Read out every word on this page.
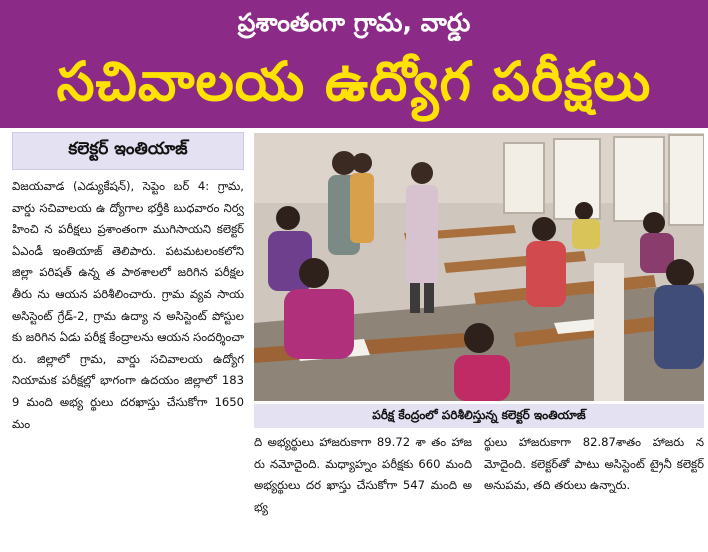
ప్రశాంతంగా గ్రామ, వార్డు
సచివాలయ ఉద్యోగ పరీక్షలు
కలెక్టర్ ఇంతియాజ్

విజయవాడ (ఎడ్యుకేషన్), సెప్టెం బర్ 4: గ్రామ, వార్డు సచివాలయ ఉ ద్యోగాల భర్తీకి బుధవారం నిర్వహించి న పరీక్షలు ప్రశాంతంగా ముగిసాయని కలెక్టర్ ఏఎండీ ఇంతియాజ్ తెలిపారు. పటమటలంకలోని జిల్లా పరిషత్ ఉన్న త పాఠశాలలో జరిగిన పరీక్షల తీరు ను ఆయన పరిశీలించారు. గ్రామ వ్యవ సాయ అసిస్టెంట్ గ్రేడ్-2, గ్రామ ఉద్యా న అసిస్టెంట్ పోస్టులకు జరిగిన ఏడు పరీక్ష కేంద్రాలను ఆయన సందర్శించా రు. జిల్లాలో గ్రామ, వార్డు సచివాలయ ఉద్యోగ నియామక పరీక్షల్లో భాగంగా ఉదయం జిల్లాలో 1839 మంది అభ్య ర్థులు దరఖాస్తు చేసుకోగా 1650 మం

పరీక్ష కేంద్రంలో పరిశీలిస్తున్న కలెక్టర్ ఇంతియాజ్

ది అభ్యర్థులు హాజరుకాగా 89.72 శా తం హాజరు నమోదైంది. మధ్యాహ్నం పరీక్షకు 660 మంది అభ్యర్థులు దర ఖాస్తు చేసుకోగా 547 మంది అభ్య

ర్థులు హాజరుకాగా 82.87శాతం హాజరు నమోదైంది. కలెక్టర్‌తో పాటు అసిస్టెంట్ ట్రైనీ కలెక్టర్ అనుపమ, తది తరులు ఉన్నారు.
